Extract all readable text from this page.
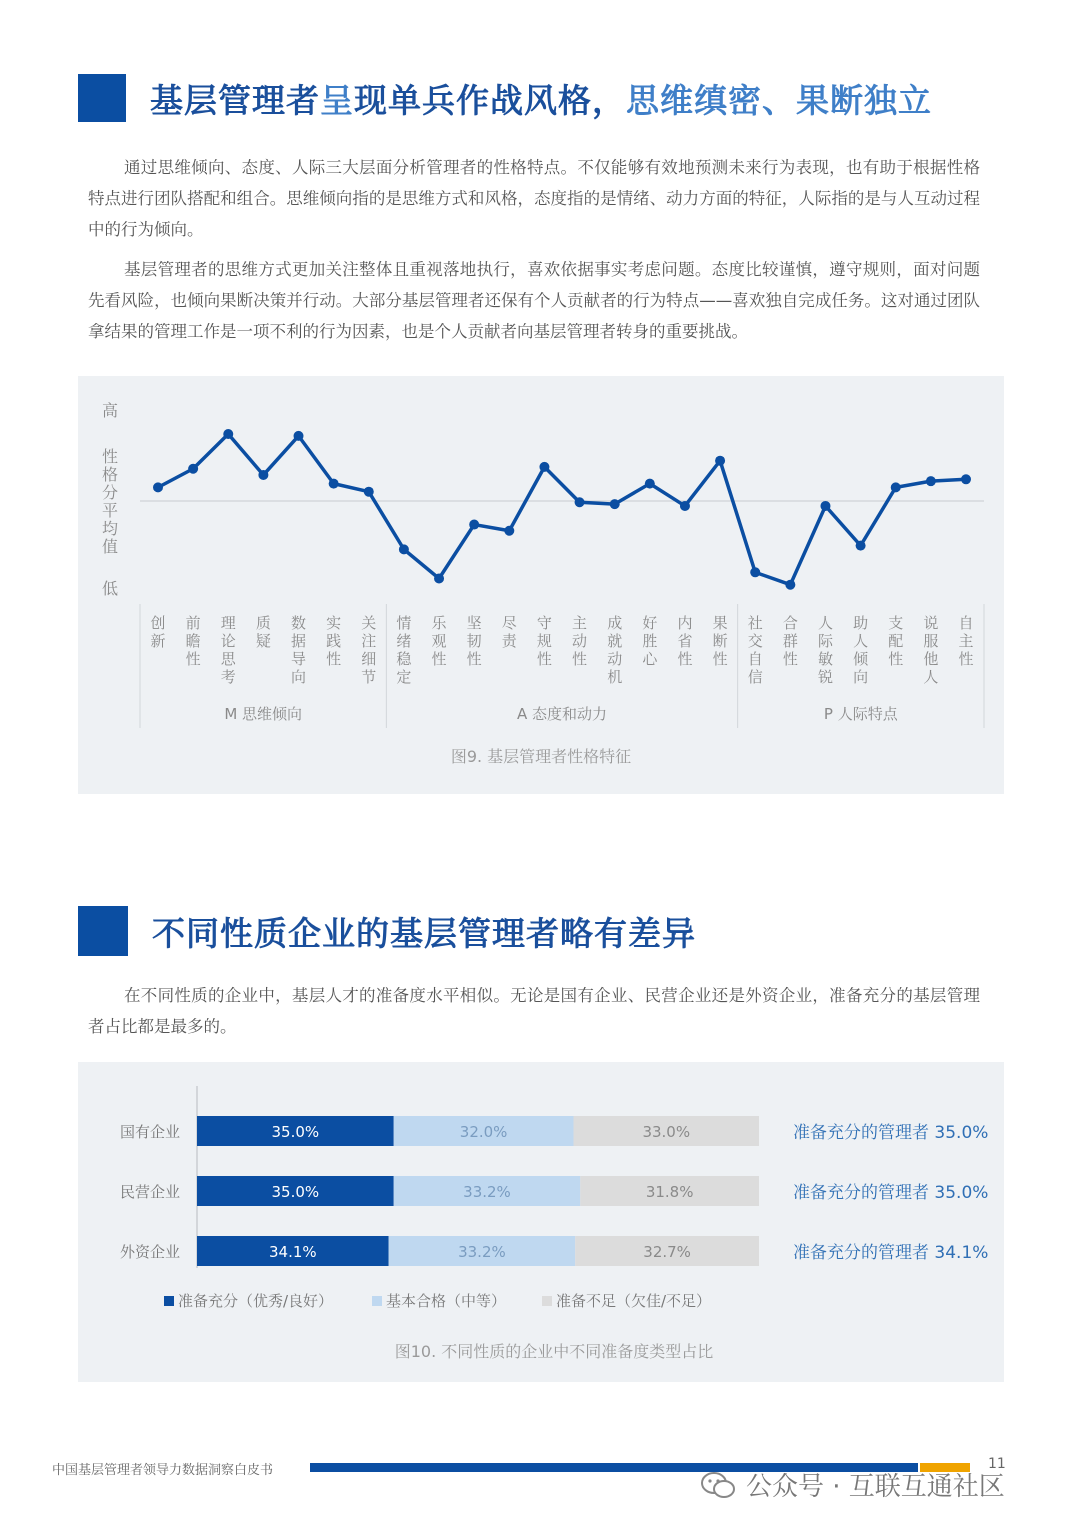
基层管理者呈现单兵作战风格，思维缜密、果断独立

通过思维倾向、态度、人际三大层面分析管理者的性格特点。不仅能够有效地预测未来行为表现，也有助于根据性格特点进行团队搭配和组合。思维倾向指的是思维方式和风格，态度指的是情绪、动力方面的特征，人际指的是与人互动过程中的行为倾向。

基层管理者的思维方式更加关注整体且重视落地执行，喜欢依据事实考虑问题。态度比较谨慎，遵守规则，面对问题先看风险，也倾向果断决策并行动。大部分基层管理者还保有个人贡献者的行为特点——喜欢独自完成任务。这对通过团队拿结果的管理工作是一项不利的行为因素，也是个人贡献者向基层管理者转身的重要挑战。

高
性
格
分
平
均
值
低
创
新
前
瞻
性
理
论
思
考
质
疑
数
据
导
向
实
践
性
关
注
细
节
情
绪
稳
定
乐
观
性
坚
韧
性
尽
责
守
规
性
主
动
性
成
就
动
机
好
胜
心
内
省
性
果
断
性
社
交
自
信
合
群
性
人
际
敏
锐
助
人
倾
向
支
配
性
说
服
他
人
自
主
性
M 思维倾向	A 态度和动力	P 人际特点
图9. 基层管理者性格特征
不同性质企业的基层管理者略有差异

在不同性质的企业中，基层人才的准备度水平相似。无论是国有企业、民营企业还是外资企业，准备充分的基层管理者占比都是最多的。

国有企业	35.0%	32.0%	33.0%	准备充分的管理者 35.0%
民营企业	35.0%	33.2%	31.8%	准备充分的管理者 35.0%
外资企业	34.1%	33.2%	32.7%	准备充分的管理者 34.1%
准备充分（优秀/良好）	基本合格（中等）	准备不足（欠佳/不足）
图10. 不同性质的企业中不同准备度类型占比
中国基层管理者领导力数据洞察白皮书	11
公众号 · 互联互通社区
